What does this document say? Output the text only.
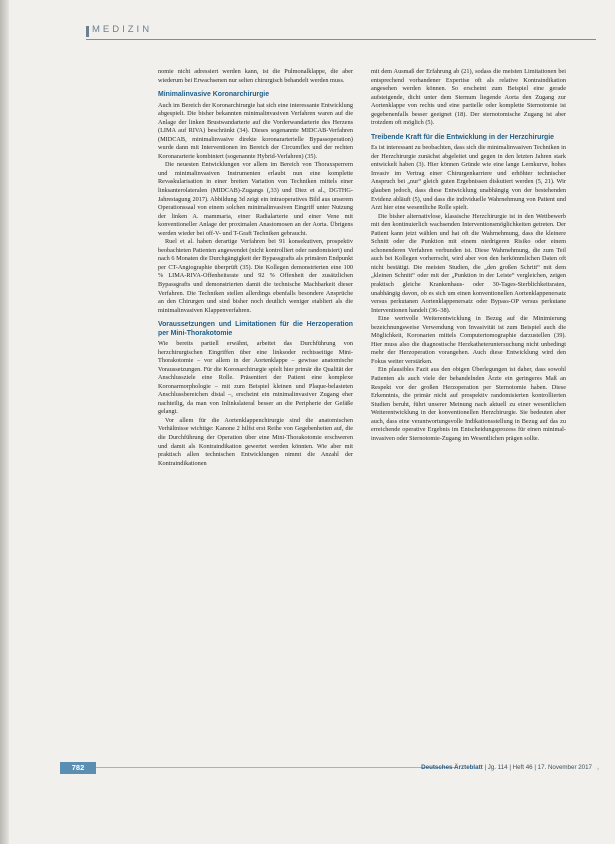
MEDIZIN

nomie nicht adressiert werden kann, ist die Pulmonalklappe, die aber wiederum bei Erwachsenen nur selten chirurgisch behandelt werden muss.

Minimalinvasive Koronarchirurgie

Auch im Bereich der Koronarchirurgie hat sich eine interessante Entwicklung abgespielt. Die bisher bekannten minimalinvasiven Verfahren waren auf die Anlage der linken Brustwandarterie auf die Vorderwandarterie des Herzens (LIMA auf RIVA) beschränkt (34). Dieses sogenannte MIDCAB-Verfahren (MIDCAB, minimalinvasive direkte koronararterielle Bypassoperation) wurde dann mit Interventionen im Bereich der Circumflex und der rechten Koronararterie kombiniert (sogenannte Hybrid-Verfahren) (35).

Die neuesten Entwicklungen vor allem im Bereich von Thoraxsperrern und minimalinvasiven Instrumenten erlaubt nun eine komplette Revaskularisation in einer breiten Variation von Techniken mittels einer linksanterolateralen (MIDCAB)-Zugangs (,33) und Diez et al., DGTHG-Jahrestagung 2017). Abbildung 3d zeigt ein intraoperatives Bild aus unserem Operationssaal von einem solchen minimalinvasiven Eingriff unter Nutzung der linken A. mammaria, einer Radialarterie und einer Vene mit konventioneller Anlage der proximalen Anastomosen an der Aorta. Übrigens werden wieder bei off-V- und T-Graft Techniken gebraucht.

Ruel et al. haben derartige Verfahren bei 91 konsekutiven, prospektiv beobachteten Patienten angewendet (nicht kontrolliert oder randomisiert) und nach 6 Monaten die Durchgängigkeit der Bypassgrafts als primären Endpunkt per CT-Angiographie überprüft (35). Die Kollegen demonstrierten eine 100 % LIMA-RIVA-Offenheitsrate und 92 % Offenheit der zusätzlichen Bypassgrafts und demonstrierten damit die technische Machbarkeit dieser Verfahren. Die Techniken stellen allerdings ebenfalls besondere Ansprüche an den Chirurgen und sind bisher noch deutlich weniger etabliert als die minimalinvasiven Klappenverfahren.

Voraussetzungen und Limitationen für die Herzoperation per Mini-Thorakotomie

Wie bereits partiell erwähnt, arbeitet das Durchführung von herzchirurgischen Eingriffen über eine linksoder rechtsseitige Mini-Thorakotomie – vor allem in der Aortenklappe – gewisse anatomische Voraussetzungen. Für die Koronarchirurgie spielt hier primär die Qualität der Anschlussziele eine Rolle. Präsentiert der Patient eine komplexe Koronarmorphologie – mit zum Beispiel kleinen und Plaque-belasteten Anschlussbereichen distal –, erscheint ein minimalinvasiver Zugang eher nachteilig, da man von Inlinkslateral besser an die Peripherie der Gefäße gelangt.

Vor allem für die Aortenklappenchirurgie sind die anatomischen Verhältnisse wichtige: Kanone 2 hilfst erst Reihe von Gegebenheiten auf, die die Durchführung der Operation über eine Mini-Thorakotomie erschweren und damit als Kontraindikation gewertet werden könnten. Wie aber mit praktisch allen technischen Entwicklungen nimmt die Anzahl der Kontraindikationen

mit dem Ausmaß der Erfahrung ab (21), sodass die meisten Limitationen bei entsprechend vorhandener Expertise oft als relative Kontraindikation angesehen werden können. So erscheint zum Beispiel eine gerade aufsteigende, dicht unter dem Sternum liegende Aorta den Zugang zur Aortenklappe von rechts und eine partielle oder komplette Sternotomie ist gegebenenfalls besser geeignet (18). Der sternotomische Zugang ist aber trotzdem oft möglich (5).

Treibende Kraft für die Entwicklung in der Herzchirurgie

Es ist interessant zu beobachten, dass sich die minimalinvasiven Techniken in der Herzchirurgie zunächst abgeleitet und gegen in den letzten Jahren stark entwickelt haben (3). Hier können Gründe wie eine lange Lernkurve, hohes Invasiv im Vertrag einer Chirurgenkarriere und erhöhter technischer Anspruch bei „nur“ gleich guten Ergebnissen diskutiert werden (5, 21). Wir glauben jedoch, dass diese Entwicklung unabhängig von der bestehenden Evidenz abläuft (5), und dass die individuelle Wahrnehmung von Patient und Arzt hier eine wesentliche Rolle spielt.

Die bisher alternativlose, klassische Herzchirurgie ist in den Wettbewerb mit den kontinuierlich wachsenden Interventionsmöglichkeiten getreten. Der Patient kann jetzt wählen und hat oft die Wahrnehmung, dass die kleinere Schnitt oder die Punktion mit einem niedrigeren Risiko oder einem schonenderen Verfahren verbunden ist. Diese Wahrnehmung, die zum Teil auch bei Kollegen vorherrscht, wird aber von den herkömmlichen Daten oft nicht bestätigt. Die meisten Studien, die „den großen Schritt“ mit dem „kleinen Schnitt“ oder mit der „Punktion in der Leiste“ vergleichen, zeigen praktisch gleiche Krankenhaus- oder 30-Tages-Sterblichkeitsraten, unabhängig davon, ob es sich um einen konventionellen Aortenklappenersatz versus perkutanen Aortenklappenersatz oder Bypass-OP versus perkutane Interventionen handelt (36–38).

Eine wertvolle Weiterentwicklung in Bezug auf die Minimierung bezeichnungsweise Verwendung von Invasivität ist zum Beispiel auch die Möglichkeit, Koronarien mittels Computertomographie darzustellen (39). Hier muss also die diagnostische Herzkatheteruntersuchung nicht unbedingt mehr der Herzoperation vorangehen. Auch diese Entwicklung wird den Fokus weiter verstärken.

Ein plausibles Fazit aus den obigen Überlegungen ist daher, dass sowohl Patienten als auch viele der behandelnden Ärzte ein geringeres Maß an Respekt vor der großen Herzoperation per Sternotomie haben. Diese Erkenntnis, die primär nicht auf prospektiv randomisierten kontrollierten Studien beruht, führt unserer Meinung nach aktuell zu einer wesentlichen Weiterentwicklung in der konventionellen Herzchirurgie. Sie bedeuten aber auch, dass eine verantwortungsvolle Indikationsstellung in Bezug auf das zu erreichende operative Ergebnis im Entscheidungsprozess für einen minimal-invasiven oder Sternotomie-Zugang im Wesentlichen prägen sollte.

782	Deutsches Ärzteblatt | Jg. 114 | Heft 46 | 17. November 2017 ›
